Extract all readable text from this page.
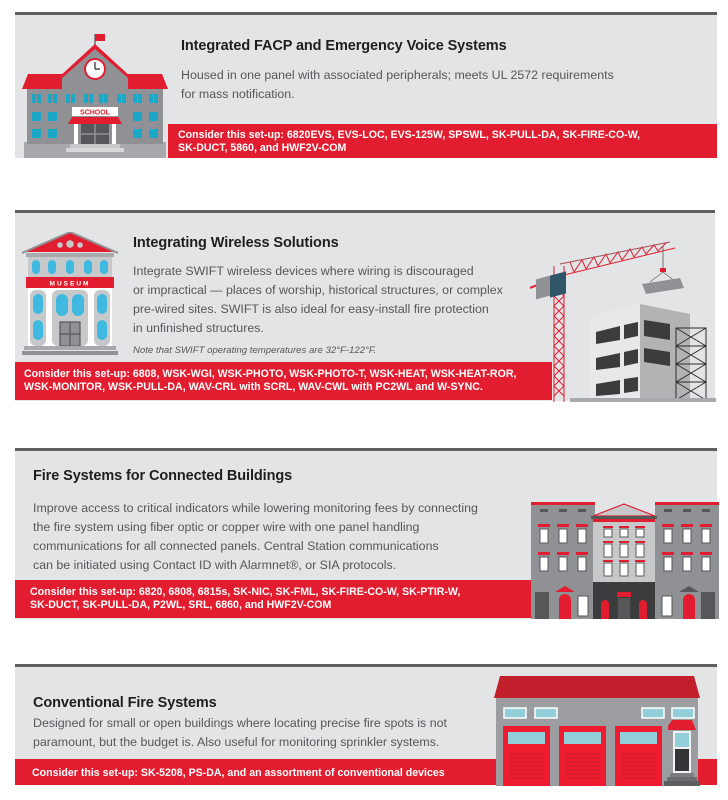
SCHOOL
Integrated FACP and Emergency Voice Systems
Housed in one panel with associated peripherals; meets UL 2572 requirements
for mass notification.
Consider this set-up: 6820EVS, EVS-LOC, EVS-125W, SPSWL, SK-PULL-DA, SK-FIRE-CO-W,
SK-DUCT, 5860, and HWF2V-COM
MUSEUM
Integrating Wireless Solutions
Integrate SWIFT wireless devices where wiring is discouraged
or impractical — places of worship, historical structures, or complex
pre-wired sites. SWIFT is also ideal for easy-install fire protection
in unfinished structures.
Note that SWIFT operating temperatures are 32°F-122°F.
Consider this set-up: 6808, WSK-WGI, WSK-PHOTO, WSK-PHOTO-T, WSK-HEAT, WSK-HEAT-ROR,
WSK-MONITOR, WSK-PULL-DA, WAV-CRL with SCRL, WAV-CWL with PC2WL and W-SYNC.
Fire Systems for Connected Buildings
Improve access to critical indicators while lowering monitoring fees by connecting
the fire system using fiber optic or copper wire with one panel handling
communications for all connected panels. Central Station communications
can be initiated using Contact ID with Alarmnet®, or SIA protocols.
Consider this set-up: 6820, 6808, 6815s, SK-NIC, SK-FML, SK-FIRE-CO-W, SK-PTIR-W,
SK-DUCT, SK-PULL-DA, P2WL, SRL, 6860, and HWF2V-COM
Consider this set-up: SK-5208, PS-DA, and an assortment of conventional devices
Conventional Fire Systems
Designed for small or open buildings where locating precise fire spots is not
paramount, but the budget is. Also useful for monitoring sprinkler systems.
